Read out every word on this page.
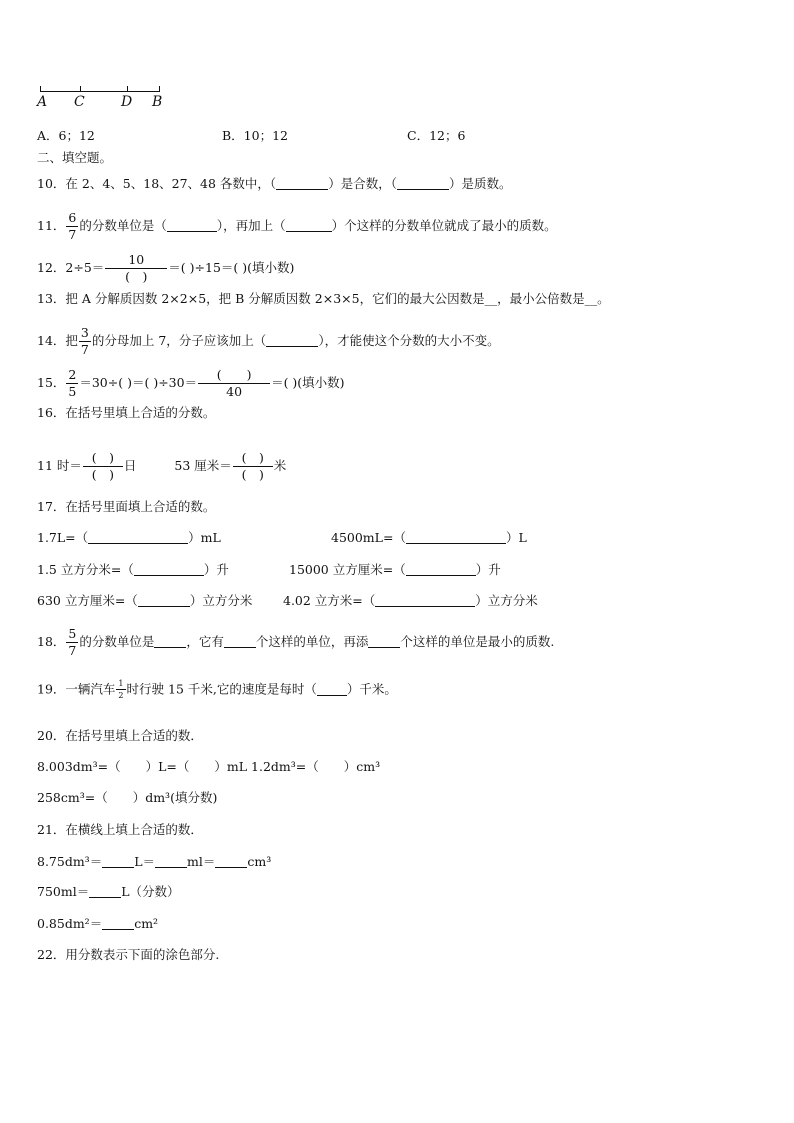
A C	D B
A．6；12	B．10；12	C．12；6
二、填空题。
10．在 2、4、5、18、27、48 各数中，（	）是合数，（	）是质数。
11． $\frac{6}{7}$ 的分数单位是（	），再加上（	）个这样的分数单位就成了最小的质数。
12．$2\div 5= \frac{10}{( )}$ ＝( )÷15＝( )(填小数)
13．把 A 分解质因数 2×2×5，把 B 分解质因数 2×3×5，它们的最大公因数是__，最小公倍数是__。
14．把 $\frac{3}{7}$ 的分母加上 7，分子应该加上（	），才能使这个分数的大小不变。
15． $\frac{2}{5} =30\div$( )＝( )$\div 30= \frac{( )}{40}$ ＝( )(填小数)
16．在括号里填上合适的分数。
11 时＝ $\frac{( )}{( )}$ 日	53 厘米＝ $\frac{( )}{( )}$ 米
17．在括号里面填上合适的数。
1.7L=（	）mL	4500mL=（	）L
1.5 立方分米=（	）升	15000 立方厘米=（	）升
630 立方厘米=（	）立方分米 4.02 立方米=（	）立方分米
18． $\frac{5}{7}$ 的分数单位是	，它有	个这样的单位，再添	个这样的单位是最小的质数.
19．一辆汽车 $\frac{1}{2}$ 时行驶 15 千米,它的速度是每时（ ）千米。
20．在括号里填上合适的数．
8.003dm³=（　　）L=（　　）mL 1.2dm³=（　　）cm³
258cm³=（　　）dm³(填分数)
21．在横线上填上合适的数．
8.75dm³＝	L＝	ml＝	cm³
750ml＝	L（分数）
0.85dm²＝	cm²
22．用分数表示下面的涂色部分.
